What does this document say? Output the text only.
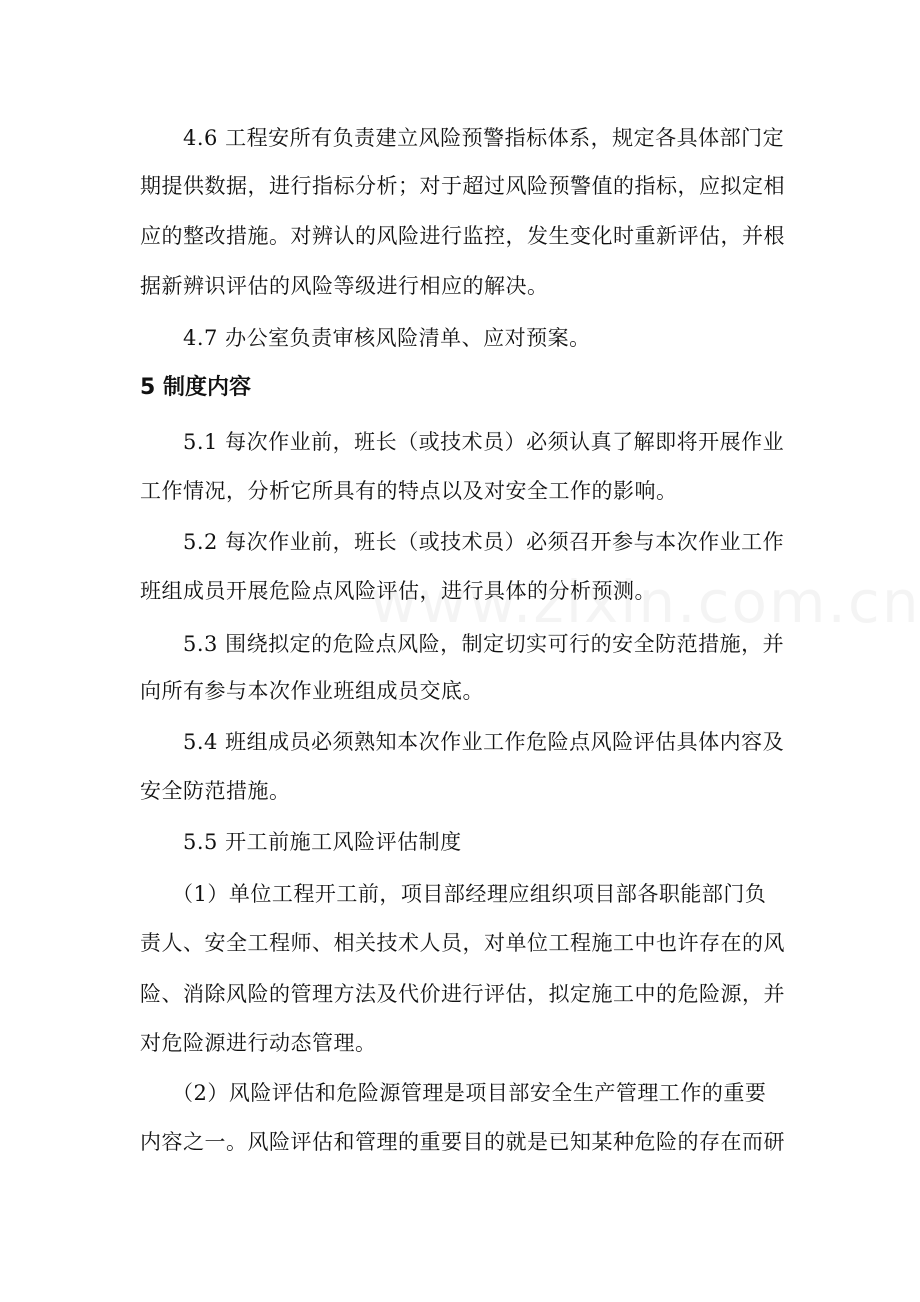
4.6 工程安所有负责建立风险预警指标体系，规定各具体部门定
期提供数据，进行指标分析；对于超过风险预警值的指标，应拟定相
应的整改措施。对辨认的风险进行监控，发生变化时重新评估，并根
据新辨识评估的风险等级进行相应的解决。
4.7 办公室负责审核风险清单、应对预案。
5 制度内容
5.1 每次作业前，班长（或技术员）必须认真了解即将开展作业
工作情况，分析它所具有的特点以及对安全工作的影响。
5.2 每次作业前，班长（或技术员）必须召开参与本次作业工作
班组成员开展危险点风险评估，进行具体的分析预测。
5.3 围绕拟定的危险点风险，制定切实可行的安全防范措施，并
向所有参与本次作业班组成员交底。
5.4 班组成员必须熟知本次作业工作危险点风险评估具体内容及
安全防范措施。
5.5 开工前施工风险评估制度
（1）单位工程开工前，项目部经理应组织项目部各职能部门负
责人、安全工程师、相关技术人员，对单位工程施工中也许存在的风
险、消除风险的管理方法及代价进行评估，拟定施工中的危险源，并
对危险源进行动态管理。
（2）风险评估和危险源管理是项目部安全生产管理工作的重要
内容之一。风险评估和管理的重要目的就是已知某种危险的存在而研
